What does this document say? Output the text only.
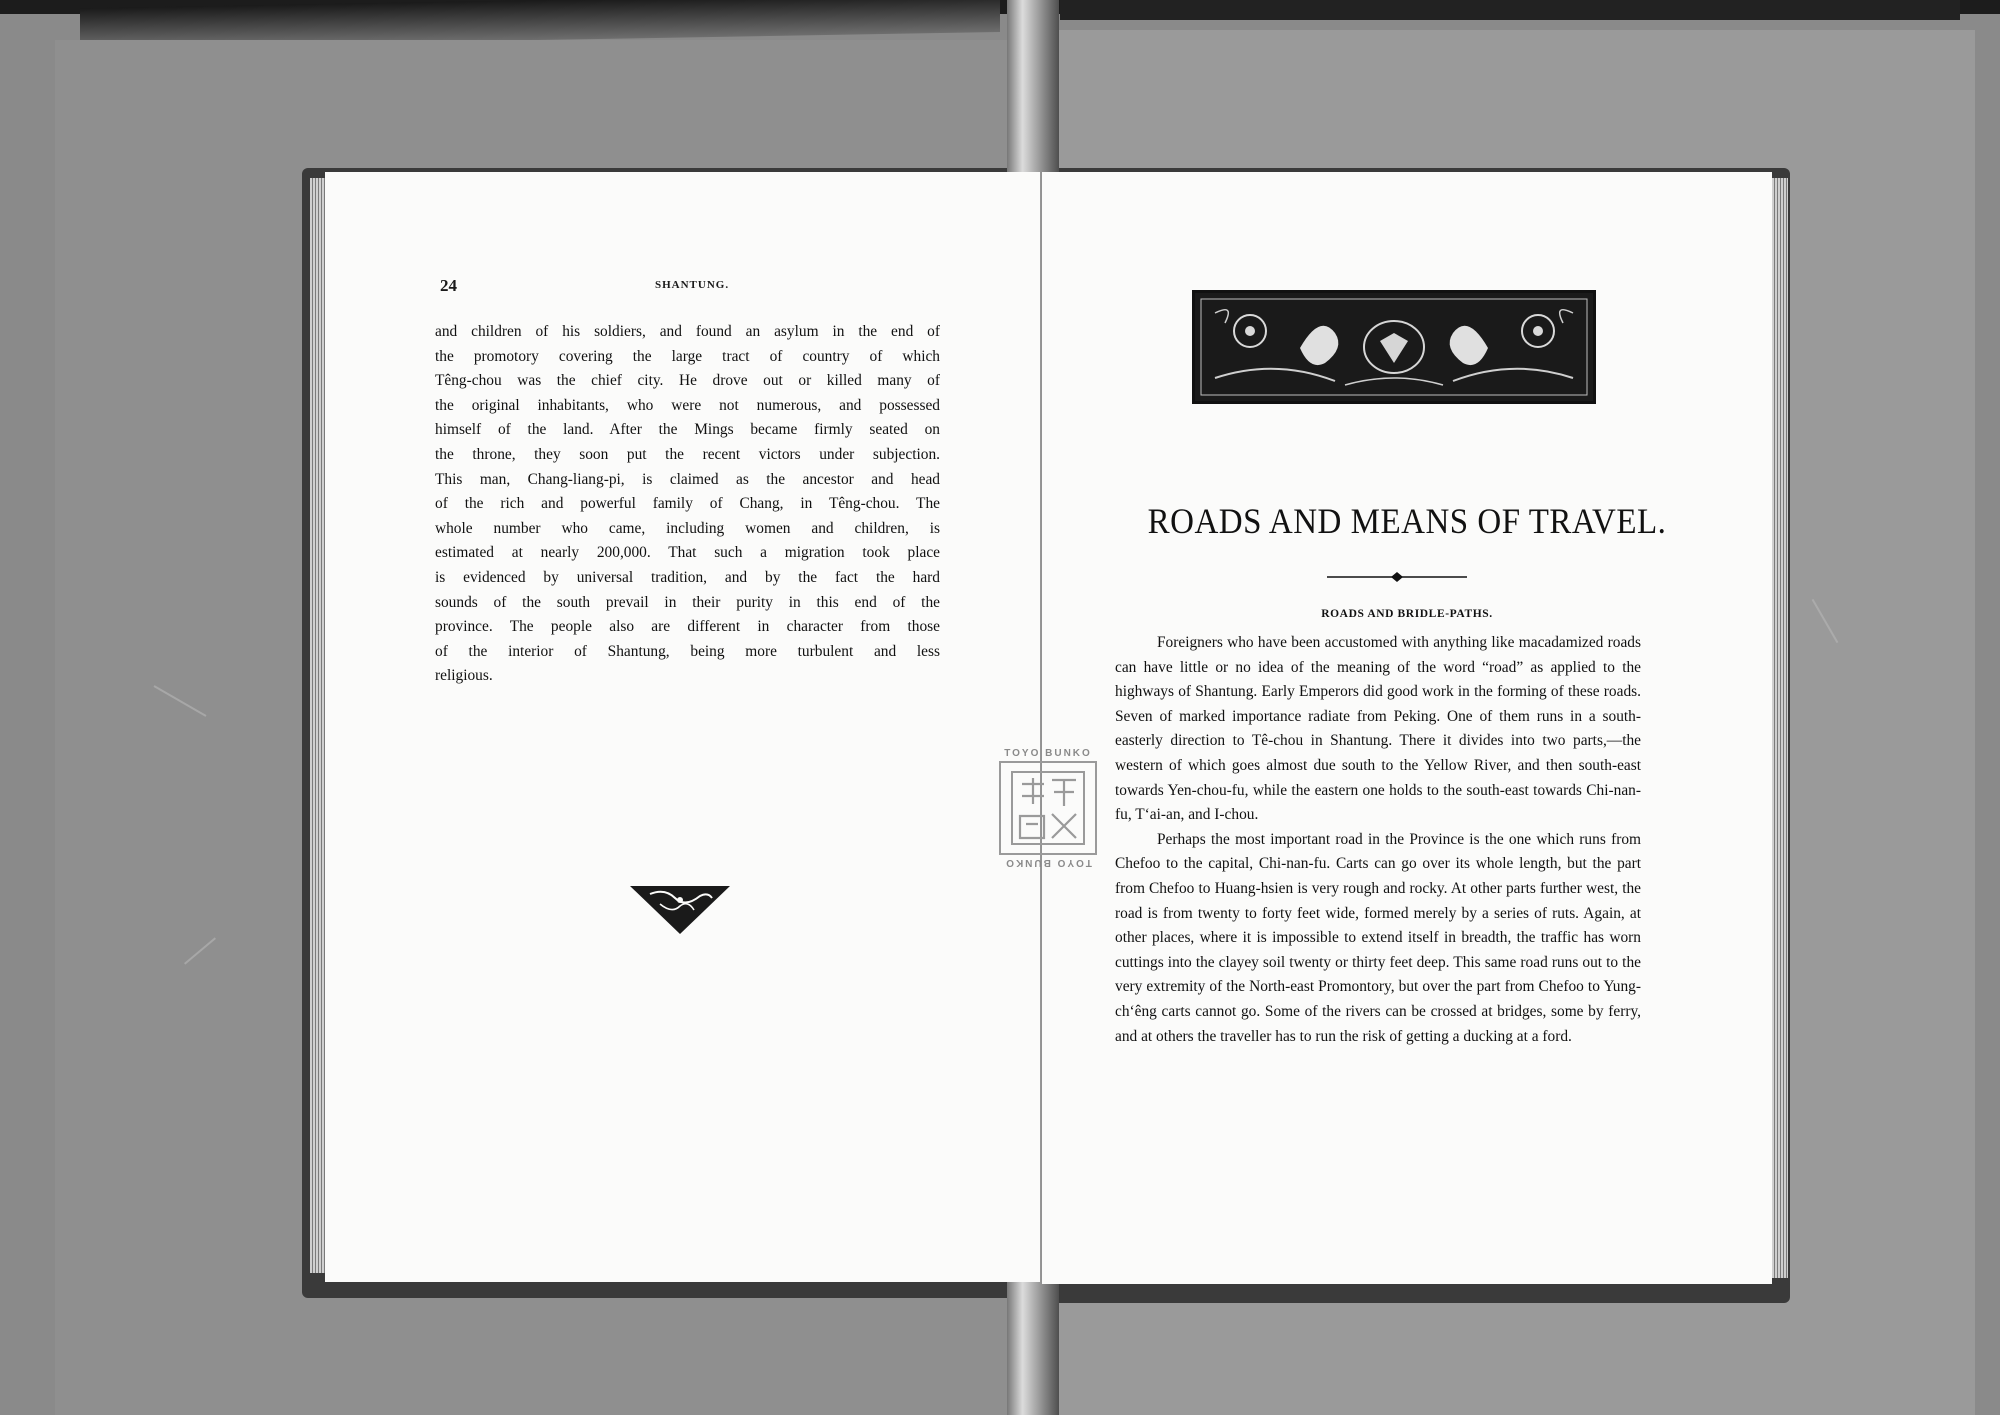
24	SHANTUNG.

and children of his soldiers, and found an asylum in the end of

the promotory covering the large tract of country of which

Têng-chou was the chief city. He drove out or killed many of

the original inhabitants, who were not numerous, and possessed

himself of the land. After the Mings became firmly seated on

the throne, they soon put the recent victors under subjection.

This man, Chang-liang-pi, is claimed as the ancestor and head

of the rich and powerful family of Chang, in Têng-chou. The

whole number who came, including women and children, is

estimated at nearly 200,000. That such a migration took place

is evidenced by universal tradition, and by the fact the hard

sounds of the south prevail in their purity in this end of the

province. The people also are different in character from those

of the interior of Shantung, being more turbulent and less

religious.

ROADS AND MEANS OF TRAVEL.
ROADS AND BRIDLE-PATHS.

Foreigners who have been accustomed with anything like macadamized roads can have little or no idea of the meaning of the word “road” as applied to the highways of Shantung. Early Emperors did good work in the forming of these roads. Seven of marked importance radiate from Peking. One of them runs in a south-easterly direction to Tê-chou in Shantung. There it divides into two parts,—the western of which goes almost due south to the Yellow River, and then south-east towards Yen-chou-fu, while the eastern one holds to the south-east towards Chi-nan-fu, T‘ai-an, and I-chou.

Perhaps the most important road in the Province is the one which runs from Chefoo to the capital, Chi-nan-fu. Carts can go over its whole length, but the part from Chefoo to Huang-hsien is very rough and rocky. At other parts further west, the road is from twenty to forty feet wide, formed merely by a series of ruts. Again, at other places, where it is impossible to extend itself in breadth, the traffic has worn cuttings into the clayey soil twenty or thirty feet deep. This same road runs out to the very extremity of the North-east Promontory, but over the part from Chefoo to Yung-ch‘êng carts cannot go. Some of the rivers can be crossed at bridges, some by ferry, and at others the traveller has to run the risk of getting a ducking at a ford.

TOYO BUNKO
TOYO BUNKO
